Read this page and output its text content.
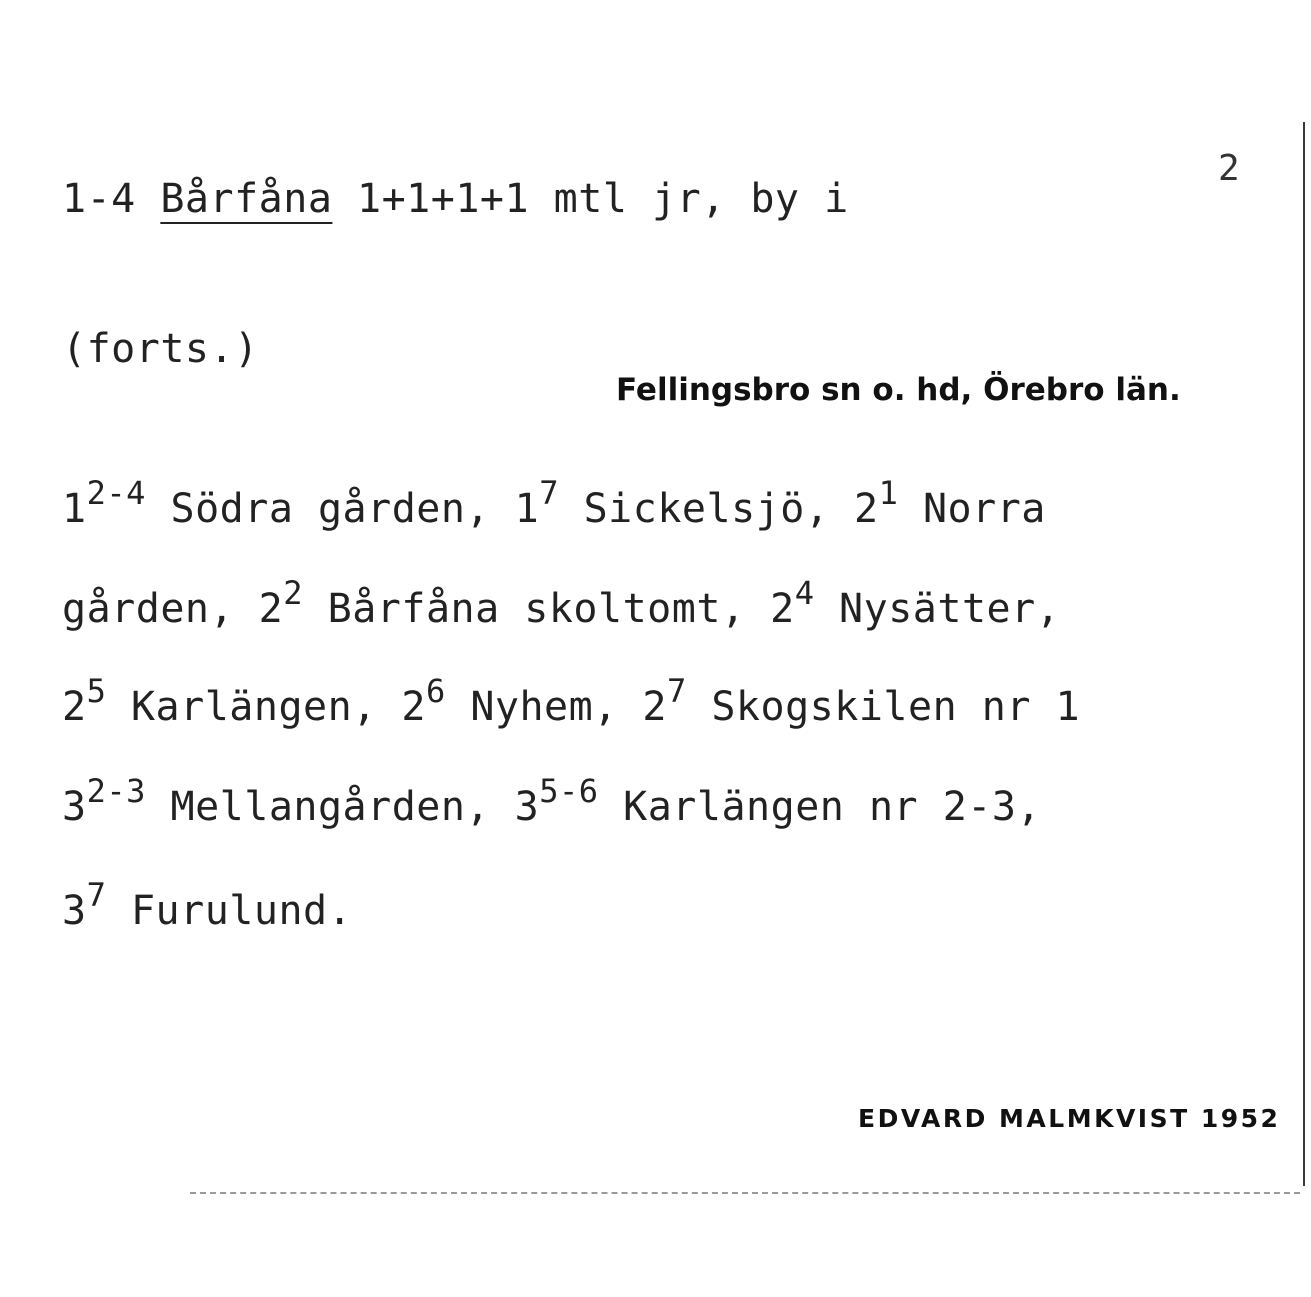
2

1-4 Bårfåna 1+1+1+1 mtl jr, by i

(forts.)

Fellingsbro sn o. hd, Örebro län.

1$^{2-4}$ Södra gården, $1^7$ Sickelsjö, $2^1$ Norra

gården, $2^2$ Bårfåna skoltomt, $2^4$ Nysätter,

$2^5$ Karlängen, $2^6$ Nyhem, $2^7$ Skogskilen nr 1

3$^{2-3}$ Mellangården, 3$^{5-6}$ Karlängen nr 2-3,

$3^7$ Furulund.

EDVARD MALMKVIST 1952
